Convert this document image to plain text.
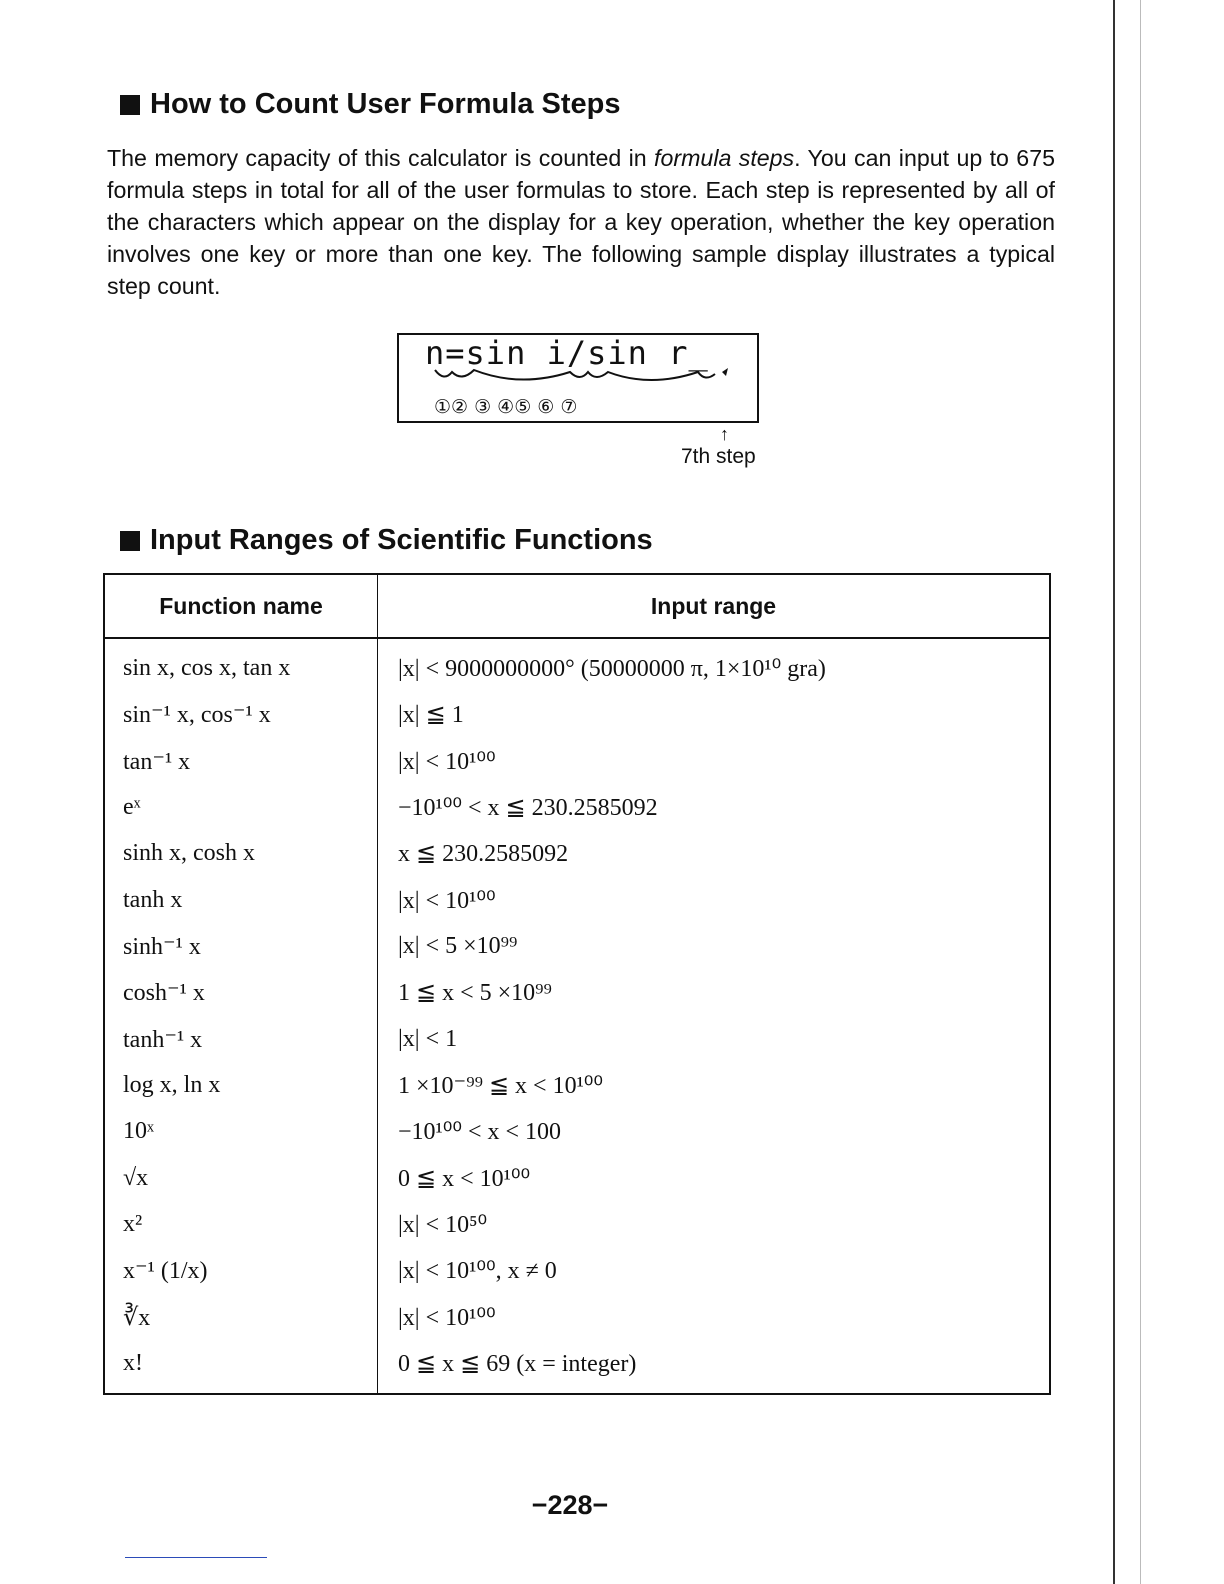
How to Count User Formula Steps
The memory capacity of this calculator is counted in formula steps. You can input up to 675 formula steps in total for all of the user formulas to store. Each step is represented by all of the characters which appear on the display for a key operation, whether the key operation involves one key or more than one key. The following sample display illustrates a typical step count.
n=sin i/sin r_
①② ③ ④⑤ ⑥ ⑦
↑
7th step
Input Ranges of Scientific Functions
Function name	Input range

sin x, cos x, tan x	|x| < 9000000000° (50000000 π, 1×10¹⁰ gra)
sin⁻¹ x, cos⁻¹ x	|x| ≦ 1
tan⁻¹ x	|x| < 10¹⁰⁰
eˣ	−10¹⁰⁰ < x ≦ 230.2585092
sinh x, cosh x	x ≦ 230.2585092
tanh x	|x| < 10¹⁰⁰
sinh⁻¹ x	|x| < 5 ×10⁹⁹
cosh⁻¹ x	1 ≦ x < 5 ×10⁹⁹
tanh⁻¹ x	|x| < 1
log x, ln x	1 ×10⁻⁹⁹ ≦ x < 10¹⁰⁰
10ˣ	−10¹⁰⁰ < x < 100
√x	0 ≦ x < 10¹⁰⁰
x²	|x| < 10⁵⁰
x⁻¹ (1/x)	|x| < 10¹⁰⁰, x ≠ 0
∛x	|x| < 10¹⁰⁰
x!	0 ≦ x ≦ 69 (x = integer)

−228−
